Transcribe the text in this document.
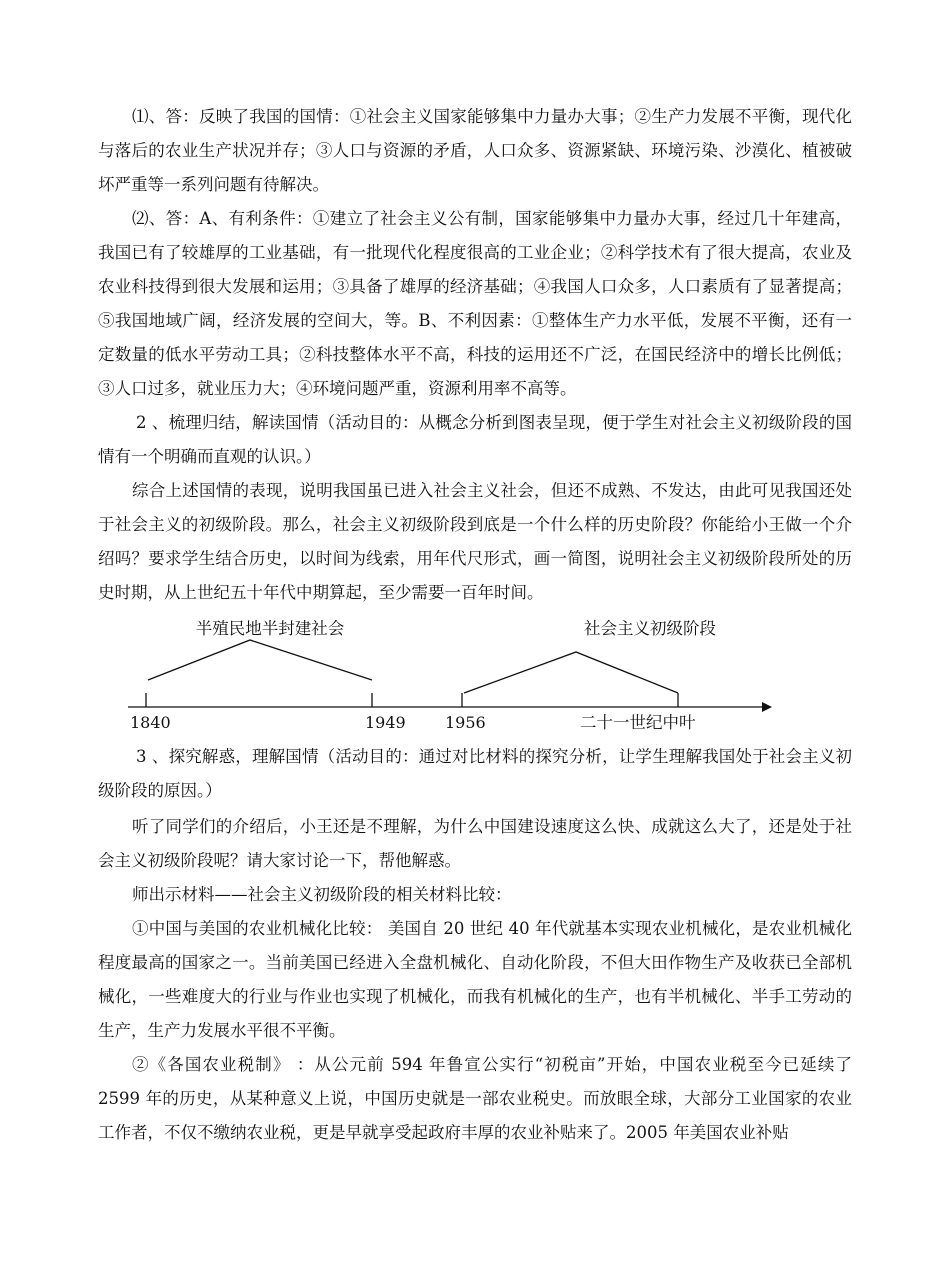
⑴、答：反映了我国的国情：①社会主义国家能够集中力量办大事；②生产力发展不平衡，现代化与落后的农业生产状况并存；③人口与资源的矛盾，人口众多、资源紧缺、环境污染、沙漠化、植被破坏严重等一系列问题有待解决。

⑵、答：A、有利条件：①建立了社会主义公有制，国家能够集中力量办大事，经过几十年建高，我国已有了较雄厚的工业基础，有一批现代化程度很高的工业企业；②科学技术有了很大提高，农业及农业科技得到很大发展和运用；③具备了雄厚的经济基础；④我国人口众多，人口素质有了显著提高；⑤我国地域广阔，经济发展的空间大，等。B、不利因素：①整体生产力水平低，发展不平衡，还有一定数量的低水平劳动工具；②科技整体水平不高，科技的运用还不广泛，在国民经济中的增长比例低；③人口过多，就业压力大；④环境问题严重，资源利用率不高等。

2 、梳理归结，解读国情（活动目的：从概念分析到图表呈现，便于学生对社会主义初级阶段的国情有一个明确而直观的认识。）

综合上述国情的表现，说明我国虽已进入社会主义社会，但还不成熟、不发达，由此可见我国还处于社会主义的初级阶段。那么，社会主义初级阶段到底是一个什么样的历史阶段？你能给小王做一个介绍吗？要求学生结合历史，以时间为线索，用年代尺形式，画一简图，说明社会主义初级阶段所处的历史时期，从上世纪五十年代中期算起，至少需要一百年时间。

半殖民地半封建社会	社会主义初级阶段
1840	1949 1956	二十一世纪中叶

3 、探究解惑，理解国情（活动目的：通过对比材料的探究分析，让学生理解我国处于社会主义初级阶段的原因。）

听了同学们的介绍后，小王还是不理解，为什么中国建设速度这么快、成就这么大了，还是处于社会主义初级阶段呢？请大家讨论一下，帮他解惑。

师出示材料——社会主义初级阶段的相关材料比较：

①中国与美国的农业机械化比较： 美国自 20 世纪 40 年代就基本实现农业机械化，是农业机械化程度最高的国家之一。当前美国已经进入全盘机械化、自动化阶段，不但大田作物生产及收获已全部机械化，一些难度大的行业与作业也实现了机械化，而我有机械化的生产，也有半机械化、半手工劳动的生产，生产力发展水平很不平衡。

②《各国农业税制》 ：从公元前 594 年鲁宣公实行“初税亩”开始，中国农业税至今已延续了 2599 年的历史，从某种意义上说，中国历史就是一部农业税史。而放眼全球，大部分工业国家的农业工作者，不仅不缴纳农业税，更是早就享受起政府丰厚的农业补贴来了。2005 年美国农业补贴
